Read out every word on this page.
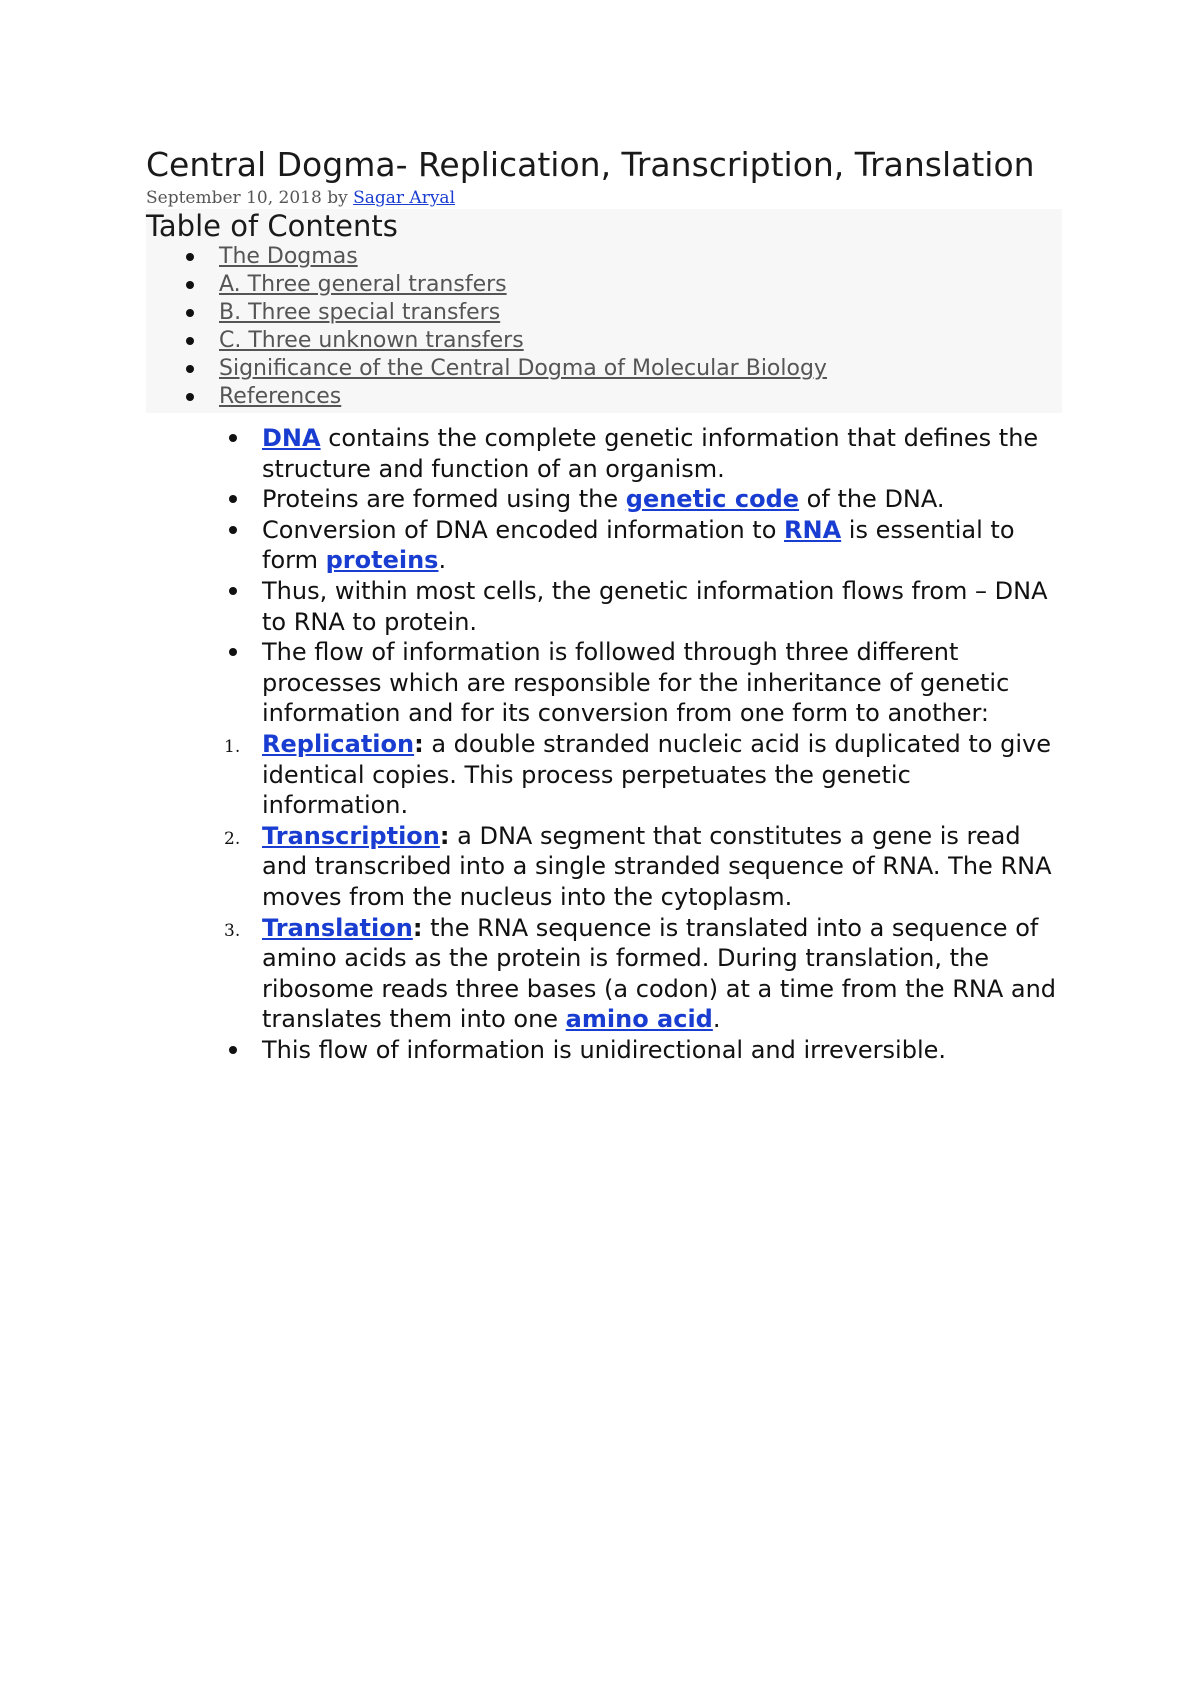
Central Dogma- Replication, Transcription, Translation
September 10, 2018 by Sagar Aryal
Table of Contents
The Dogmas
A. Three general transfers
B. Three special transfers
C. Three unknown transfers
Significance of the Central Dogma of Molecular Biology
References
DNA contains the complete genetic information that defines the structure and function of an organism.
Proteins are formed using the genetic code of the DNA.
Conversion of DNA encoded information to RNA is essential to form proteins.
Thus, within most cells, the genetic information flows from – DNA to RNA to protein.
The flow of information is followed through three different processes which are responsible for the inheritance of genetic information and for its conversion from one form to another:
1. Replication: a double stranded nucleic acid is duplicated to give identical copies. This process perpetuates the genetic information.
2. Transcription: a DNA segment that constitutes a gene is read and transcribed into a single stranded sequence of RNA. The RNA moves from the nucleus into the cytoplasm.
3. Translation: the RNA sequence is translated into a sequence of amino acids as the protein is formed. During translation, the ribosome reads three bases (a codon) at a time from the RNA and translates them into one amino acid.
This flow of information is unidirectional and irreversible.
